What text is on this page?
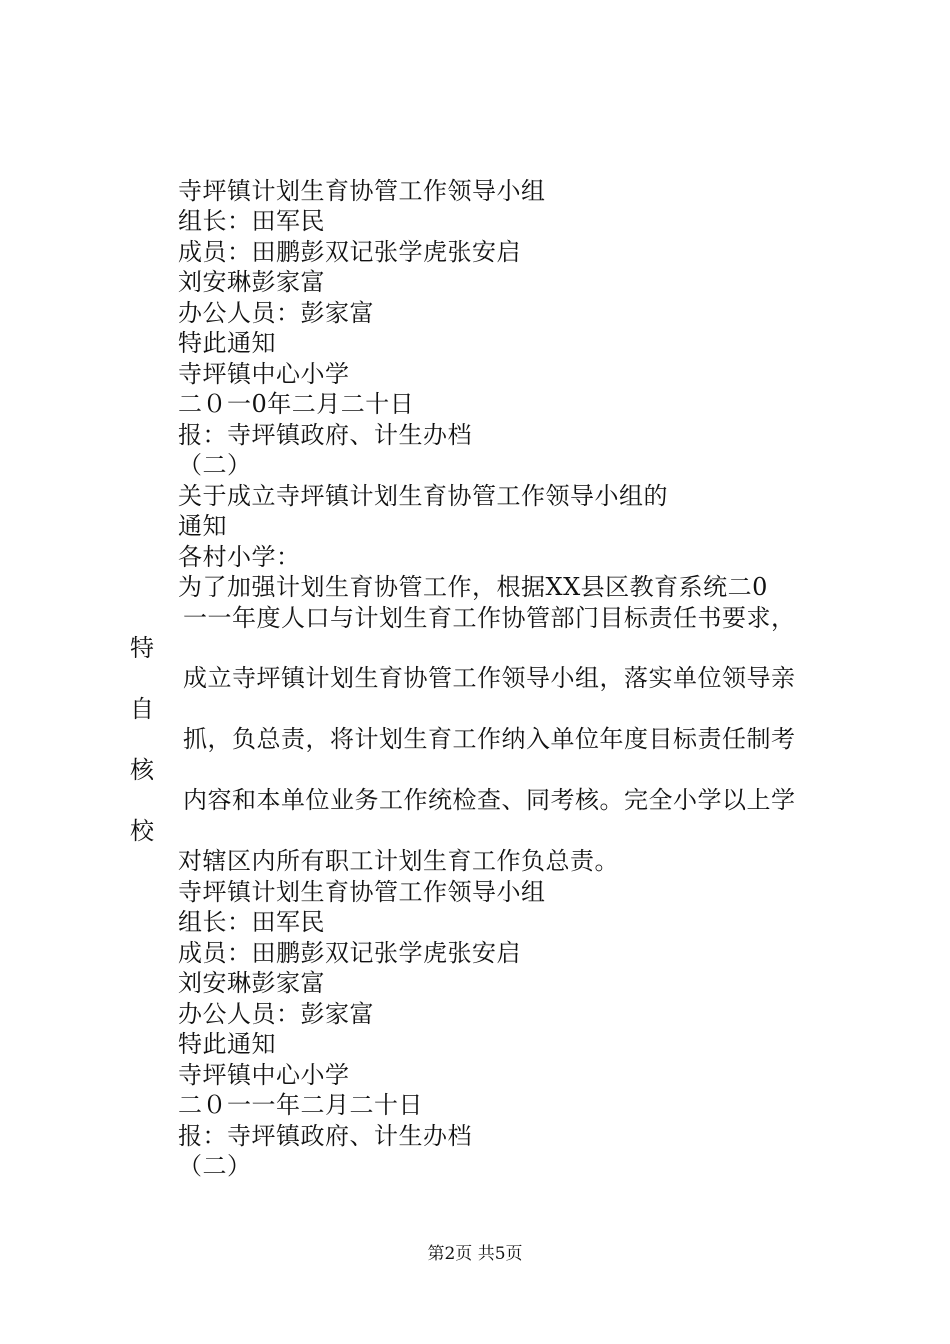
寺坪镇计划生育协管工作领导小组
组长：田军民
成员：田鹏彭双记张学虎张安启
刘安琳彭家富
办公人员：彭家富
特此通知
寺坪镇中心小学
二０一0年二月二十日
报：寺坪镇政府、计生办档
（二）
关于成立寺坪镇计划生育协管工作领导小组的
通知
各村小学：
为了加强计划生育协管工作，根据XX县区教育系统二0
一一年度人口与计划生育工作协管部门目标责任书要求，
特
成立寺坪镇计划生育协管工作领导小组，落实单位领导亲
自
抓，负总责，将计划生育工作纳入单位年度目标责任制考
核
内容和本单位业务工作统检查、同考核。完全小学以上学
校
对辖区内所有职工计划生育工作负总责。
寺坪镇计划生育协管工作领导小组
组长：田军民
成员：田鹏彭双记张学虎张安启
刘安琳彭家富
办公人员：彭家富
特此通知
寺坪镇中心小学
二０一一年二月二十日
报：寺坪镇政府、计生办档
（二）
第2页 共5页
